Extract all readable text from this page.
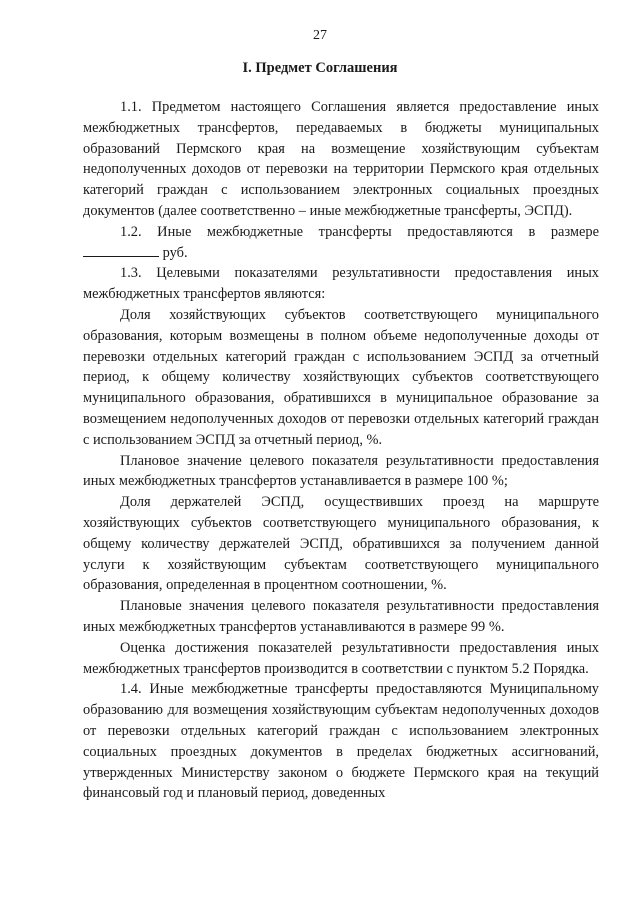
27
I. Предмет Соглашения

1.1. Предметом настоящего Соглашения является предоставление иных межбюджетных трансфертов, передаваемых в бюджеты муниципальных образований Пермского края на возмещение хозяйствующим субъектам недополученных доходов от перевозки на территории Пермского края отдельных категорий граждан с использованием электронных социальных проездных документов (далее соответственно – иные межбюджетные трансферты, ЭСПД).

1.2. Иные межбюджетные трансферты предоставляются в размере

руб.

1.3. Целевыми показателями результативности предоставления иных межбюджетных трансфертов являются:

Доля хозяйствующих субъектов соответствующего муниципального образования, которым возмещены в полном объеме недополученные доходы от перевозки отдельных категорий граждан с использованием ЭСПД за отчетный период, к общему количеству хозяйствующих субъектов соответствующего муниципального образования, обратившихся в муниципальное образование за возмещением недополученных доходов от перевозки отдельных категорий граждан с использованием ЭСПД за отчетный период, %.

Плановое значение целевого показателя результативности предоставления иных межбюджетных трансфертов устанавливается в размере 100 %;

Доля держателей ЭСПД, осуществивших проезд на маршруте хозяйствующих субъектов соответствующего муниципального образования, к общему количеству держателей ЭСПД, обратившихся за получением данной услуги к хозяйствующим субъектам соответствующего муниципального образования, определенная в процентном соотношении, %.

Плановые значения целевого показателя результативности предоставления иных межбюджетных трансфертов устанавливаются в размере 99 %.

Оценка достижения показателей результативности предоставления иных межбюджетных трансфертов производится в соответствии с пунктом 5.2 Порядка.

1.4. Иные межбюджетные трансферты предоставляются Муниципальному образованию для возмещения хозяйствующим субъектам недополученных доходов от перевозки отдельных категорий граждан с использованием электронных социальных проездных документов в пределах бюджетных ассигнований, утвержденных Министерству законом о бюджете Пермского края на текущий финансовый год и плановый период, доведенных
